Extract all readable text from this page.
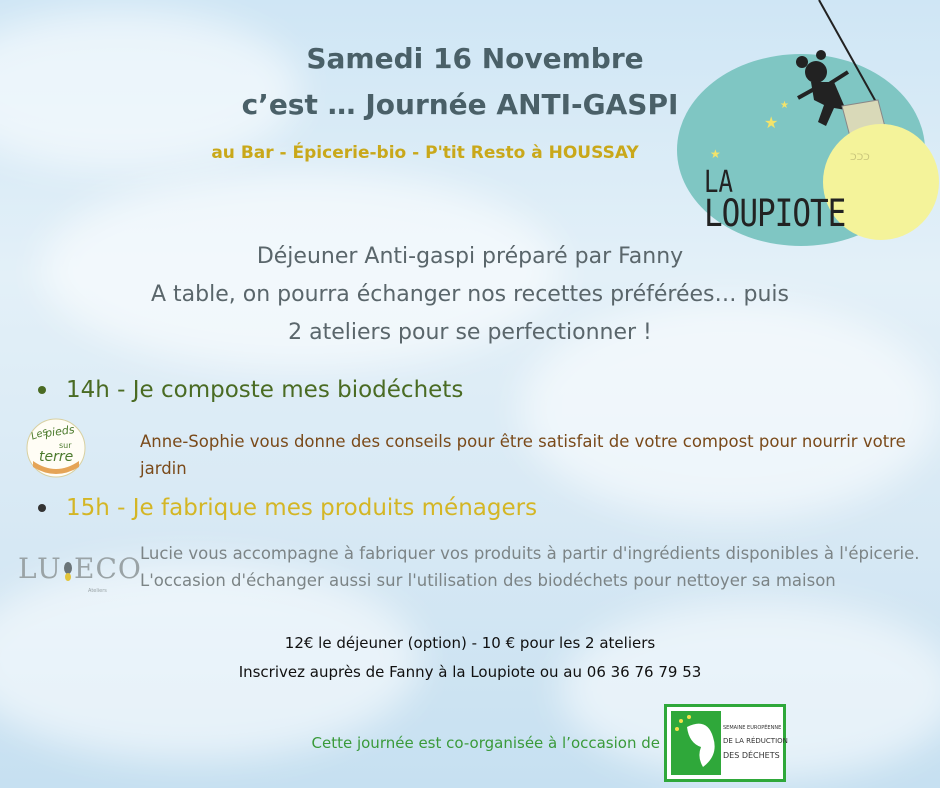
Samedi 16 Novembre
c’est … Journée ANTI-GASPI
au Bar - Épicerie-bio - P'tit Resto à HOUSSAY
★
★
★	ᑐᑐᑐ
LA
LOUPIOTE
Déjeuner Anti-gaspi préparé par Fanny
A table, on pourra échanger nos recettes préférées… puis
2 ateliers pour se perfectionner !
14h - Je composte mes biodéchets
Les
pieds
sur
terre
Anne-Sophie vous donne des conseils pour être satisfait de votre compost pour nourrir votre jardin
15h - Je fabrique mes produits ménagers
LU ECO
Ateliers
Lucie vous accompagne à fabriquer vos produits à partir d'ingrédients disponibles à l'épicerie. L'occasion d'échanger aussi sur l'utilisation des biodéchets pour nettoyer sa maison
12€ le déjeuner (option) - 10 € pour les 2 ateliers
Inscrivez auprès de Fanny à la Loupiote ou au 06 36 76 79 53
Cette journée est co-organisée à l’occasion de
SEMAINE EUROPÉENNE
DE LA RÉDUCTION
DES DÉCHETS
